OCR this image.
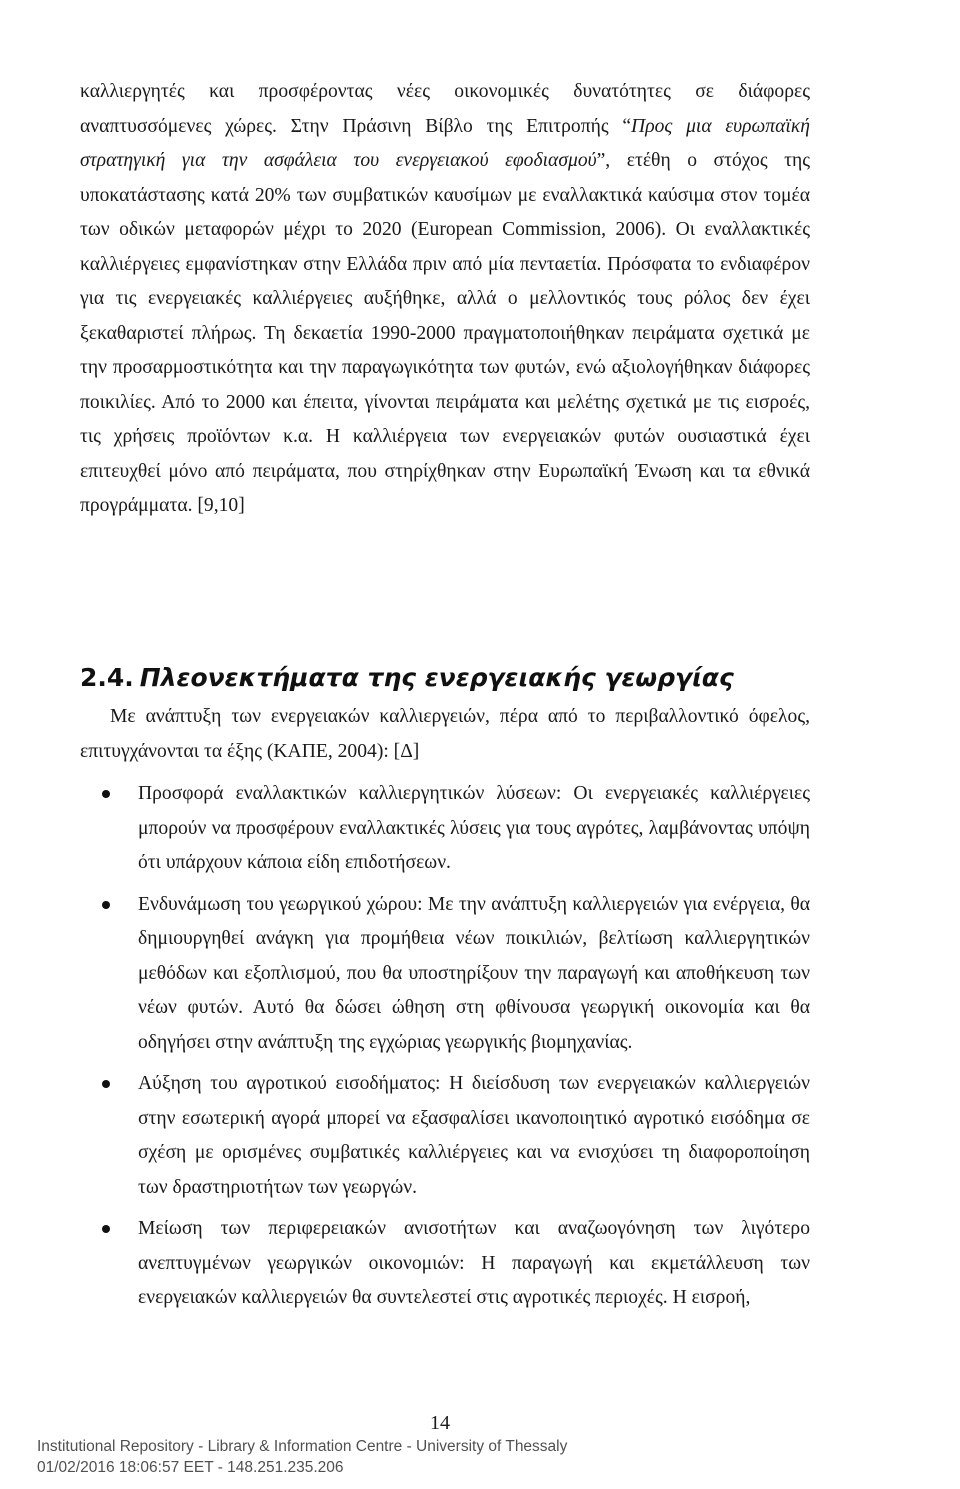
καλλιεργητές και προσφέροντας νέες οικονομικές δυνατότητες σε διάφορες αναπτυσσόμενες χώρες. Στην Πράσινη Βίβλο της Επιτροπής “Προς μια ευρωπαϊκή στρατηγική για την ασφάλεια του ενεργειακού εφοδιασμού”, ετέθη ο στόχος της υποκατάστασης κατά 20% των συμβατικών καυσίμων με εναλλακτικά καύσιμα στον τομέα των οδικών μεταφορών μέχρι το 2020 (European Commission, 2006). Οι εναλλακτικές καλλιέργειες εμφανίστηκαν στην Ελλάδα πριν από μία πενταετία. Πρόσφατα το ενδιαφέρον για τις ενεργειακές καλλιέργειες αυξήθηκε, αλλά ο μελλοντικός τους ρόλος δεν έχει ξεκαθαριστεί πλήρως. Τη δεκαετία 1990-2000 πραγματοποιήθηκαν πειράματα σχετικά με την προσαρμοστικότητα και την παραγωγικότητα των φυτών, ενώ αξιολογήθηκαν διάφορες ποικιλίες. Από το 2000 και έπειτα, γίνονται πειράματα και μελέτης σχετικά με τις εισροές, τις χρήσεις προϊόντων κ.α. Η καλλιέργεια των ενεργειακών φυτών ουσιαστικά έχει επιτευχθεί μόνο από πειράματα, που στηρίχθηκαν στην Ευρωπαϊκή Ένωση και τα εθνικά προγράμματα. [9,10]

2.4. Πλεονεκτήματα της ενεργειακής γεωργίας

Με ανάπτυξη των ενεργειακών καλλιεργειών, πέρα από το περιβαλλοντικό όφελος, επιτυγχάνονται τα έξης (ΚΑΠΕ, 2004): [Δ]

Προσφορά εναλλακτικών καλλιεργητικών λύσεων: Οι ενεργειακές καλλιέργειες μπορούν να προσφέρουν εναλλακτικές λύσεις για τους αγρότες, λαμβάνοντας υπόψη ότι υπάρχουν κάποια είδη επιδοτήσεων.
Ενδυνάμωση του γεωργικού χώρου: Με την ανάπτυξη καλλιεργειών για ενέργεια, θα δημιουργηθεί ανάγκη για προμήθεια νέων ποικιλιών, βελτίωση καλλιεργητικών μεθόδων και εξοπλισμού, που θα υποστηρίξουν την παραγωγή και αποθήκευση των νέων φυτών. Αυτό θα δώσει ώθηση στη φθίνουσα γεωργική οικονομία και θα οδηγήσει στην ανάπτυξη της εγχώριας γεωργικής βιομηχανίας.
Αύξηση του αγροτικού εισοδήματος: Η διείσδυση των ενεργειακών καλλιεργειών στην εσωτερική αγορά μπορεί να εξασφαλίσει ικανοποιητικό αγροτικό εισόδημα σε σχέση με ορισμένες συμβατικές καλλιέργειες και να ενισχύσει τη διαφοροποίηση των δραστηριοτήτων των γεωργών.
Μείωση των περιφερειακών ανισοτήτων και αναζωογόνηση των λιγότερο ανεπτυγμένων γεωργικών οικονομιών: Η παραγωγή και εκμετάλλευση των ενεργειακών καλλιεργειών θα συντελεστεί στις αγροτικές περιοχές. Η εισροή,
14
Institutional Repository - Library & Information Centre - University of Thessaly
01/02/2016 18:06:57 EET - 148.251.235.206
